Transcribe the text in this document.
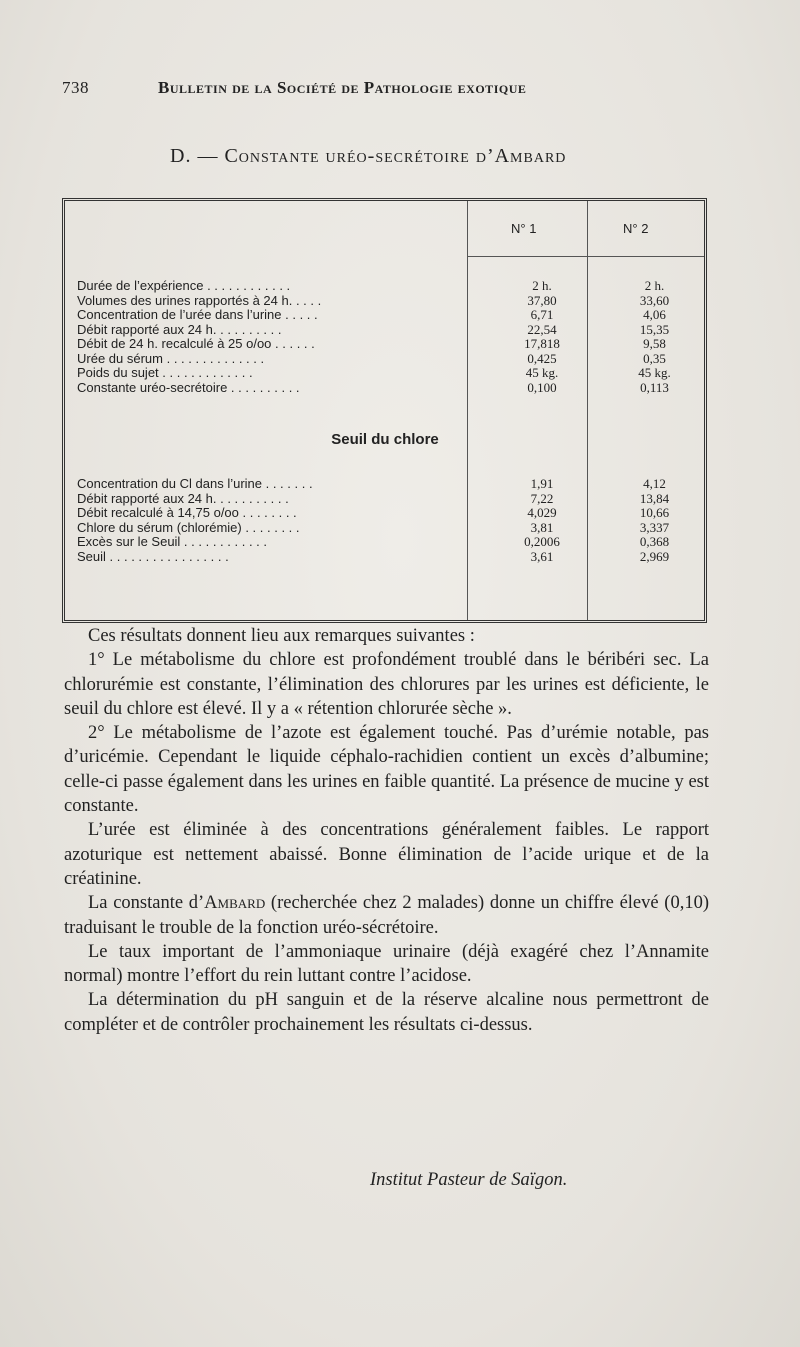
738	Bulletin de la Société de Pathologie exotique
D. — Constante uréo-secrétoire d’Ambard
N° 1	N° 2
Durée de l’expérience . . . . . . . . . . . .	2 h.	2 h.
Volumes des urines rapportés à 24 h. . . . .	37,80	33,60
Concentration de l’urée dans l’urine . . . . .	6,71	4,06
Débit rapporté aux 24 h. . . . . . . . . .	22,54	15,35
Débit de 24 h. recalculé à 25 o/oo . . . . . .	17,818	9,58
Urée du sérum . . . . . . . . . . . . . .	0,425	0,35
Poids du sujet . . . . . . . . . . . . .	45 kg.	45 kg.
Constante uréo-secrétoire . . . . . . . . . .	0,100	0,113
Seuil du chlore
Concentration du Cl dans l’urine . . . . . . .	1,91	4,12
Débit rapporté aux 24 h. . . . . . . . . . .	7,22	13,84
Débit recalculé à 14,75 o/oo . . . . . . . .	4,029	10,66
Chlore du sérum (chlorémie) . . . . . . . .	3,81	3,337
Excès sur le Seuil . . . . . . . . . . . .	0,2006	0,368
Seuil . . . . . . . . . . . . . . . . .	3,61	2,969

Ces résultats donnent lieu aux remarques suivantes :

1° Le métabolisme du chlore est profondément troublé dans le béribéri sec. La chlorurémie est constante, l’élimination des chlorures par les urines est déficiente, le seuil du chlore est élevé. Il y a « rétention chlorurée sèche ».

2° Le métabolisme de l’azote est également touché. Pas d’urémie notable, pas d’uricémie. Cependant le liquide céphalo-rachidien contient un excès d’albumine; celle-ci passe également dans les urines en faible quantité. La présence de mucine y est constante.

L’urée est éliminée à des concentrations généralement faibles. Le rapport azoturique est nettement abaissé. Bonne élimination de l’acide urique et de la créatinine.

La constante d’Ambard (recherchée chez 2 malades) donne un chiffre élevé (0,10) traduisant le trouble de la fonction uréo-sécrétoire.

Le taux important de l’ammoniaque urinaire (déjà exagéré chez l’Annamite normal) montre l’effort du rein luttant contre l’acidose.

La détermination du pH sanguin et de la réserve alcaline nous permettront de compléter et de contrôler prochainement les résultats ci-dessus.

Institut Pasteur de Saïgon.
